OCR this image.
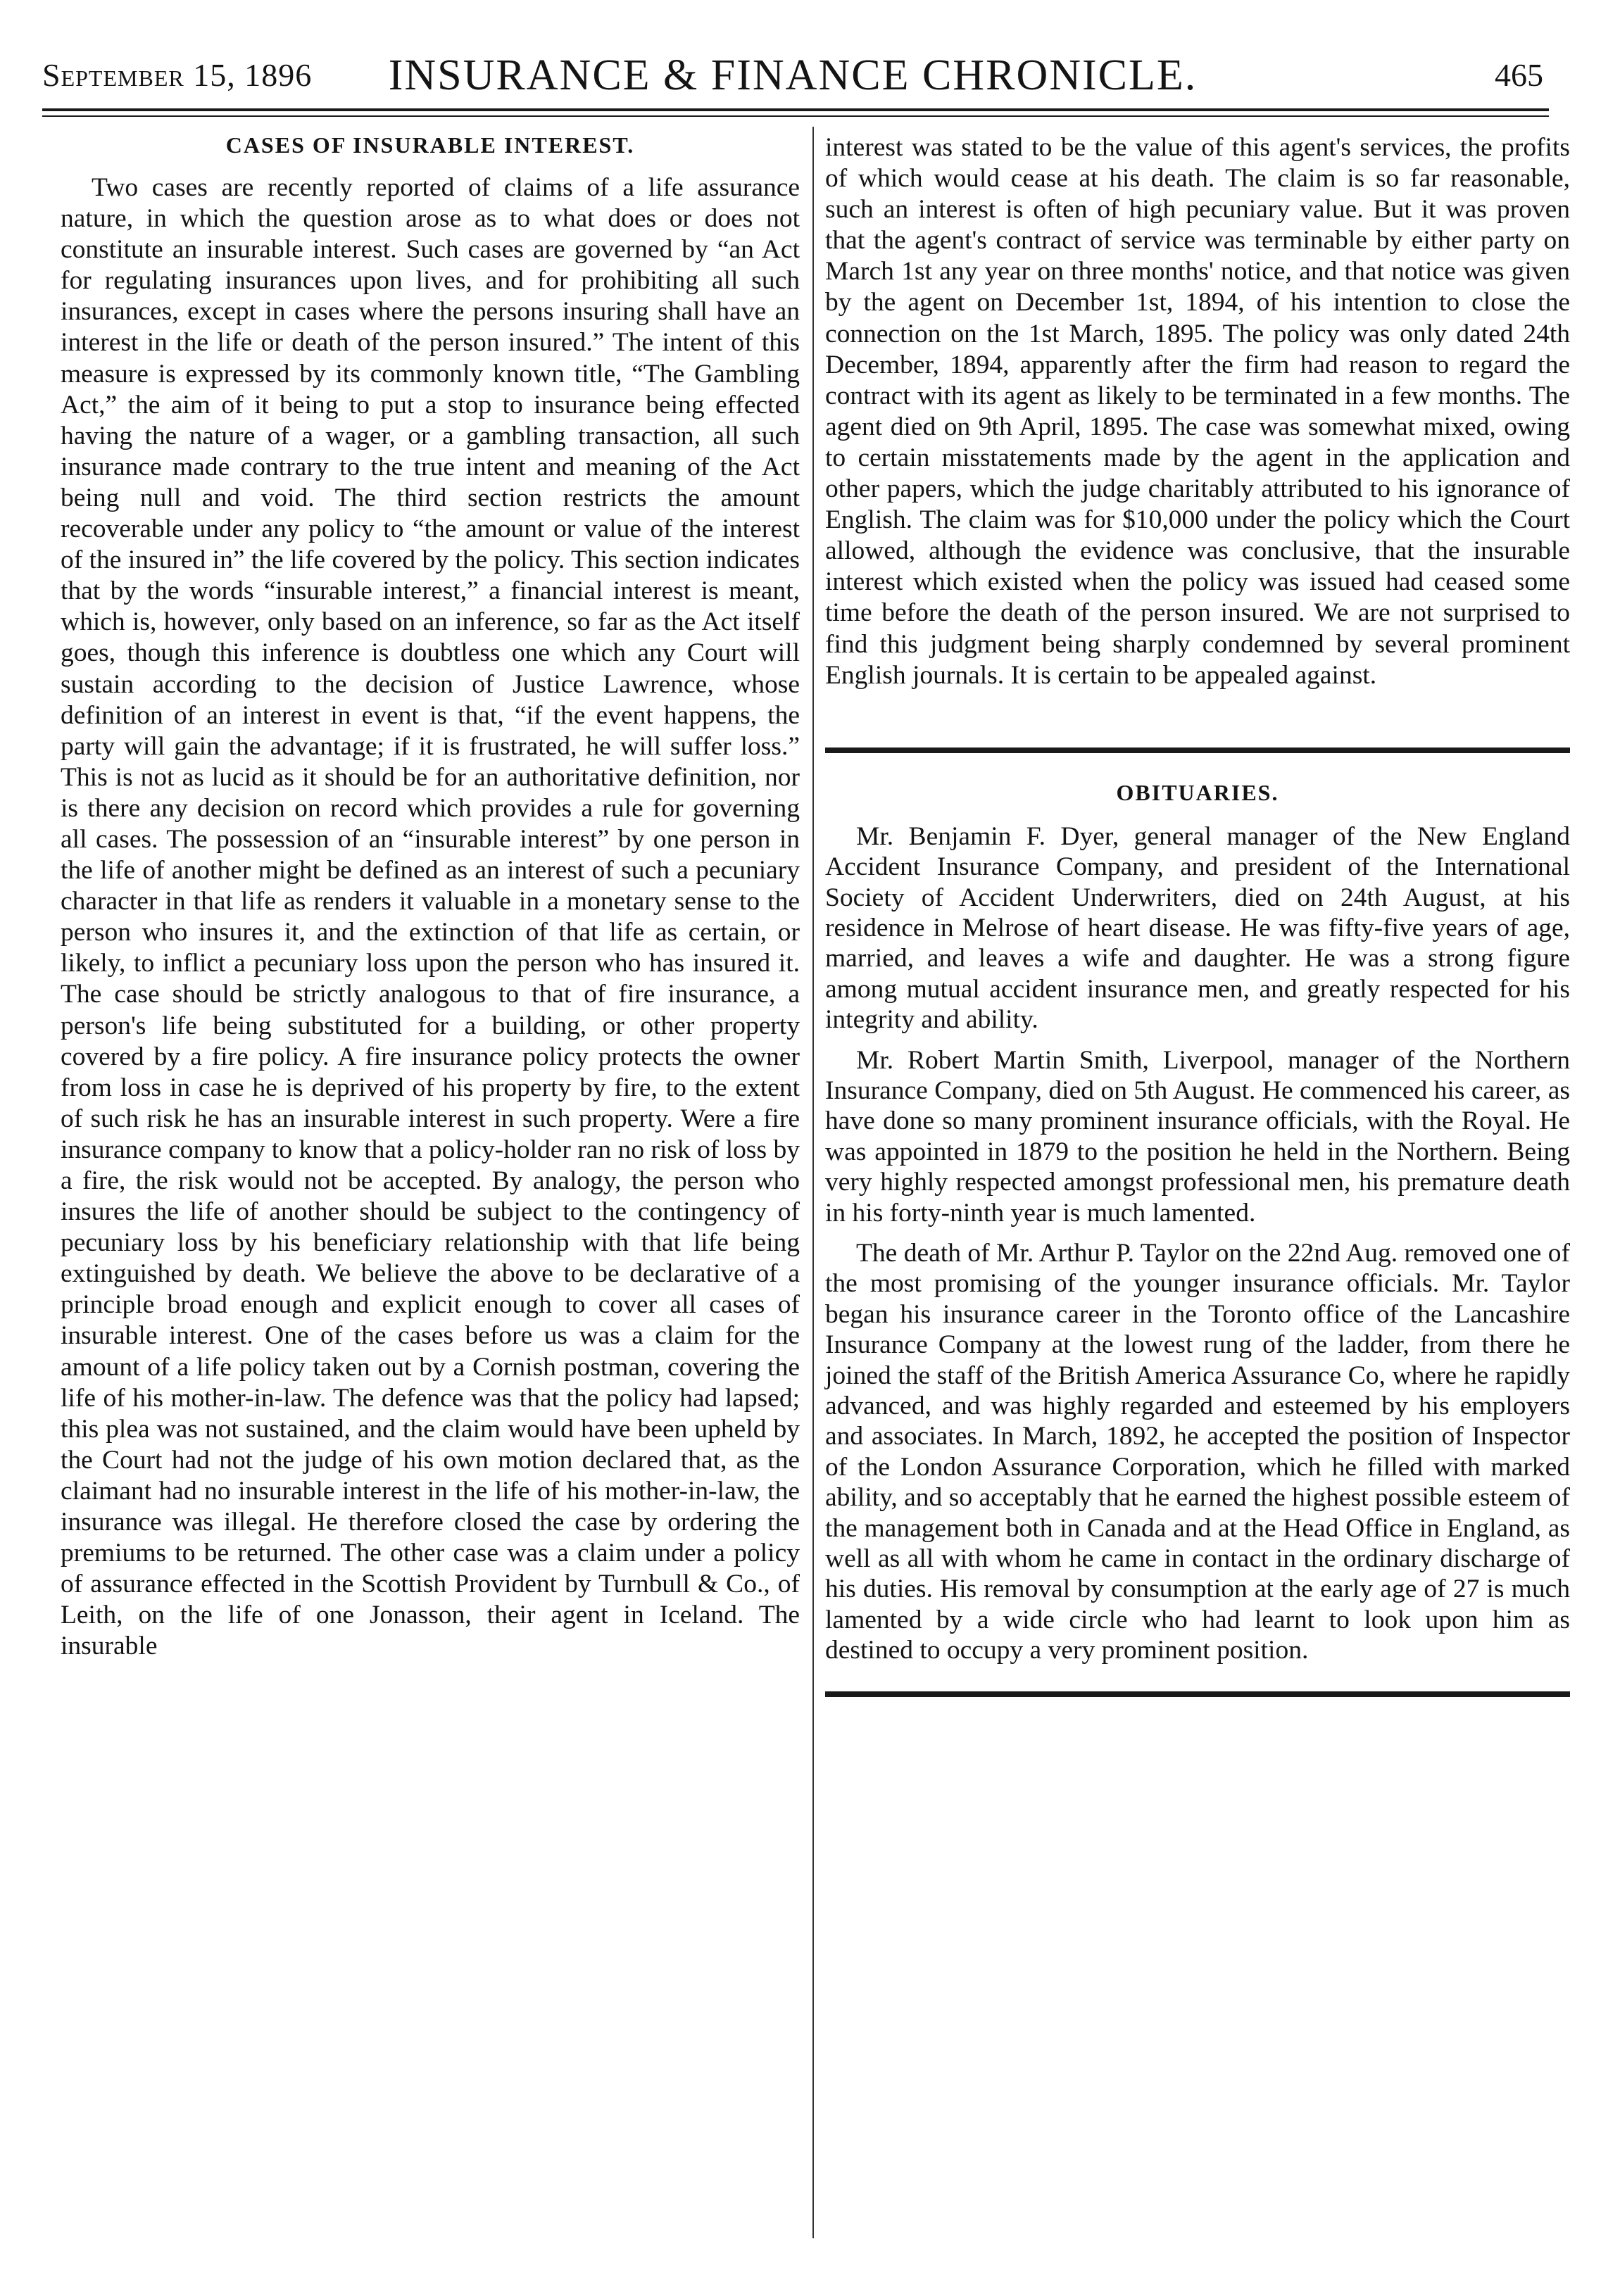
September 15, 1896	INSURANCE & FINANCE CHRONICLE.	465
CASES OF INSURABLE INTEREST.

Two cases are recently reported of claims of a life assurance nature, in which the question arose as to what does or does not constitute an insurable interest. Such cases are governed by “an Act for regulating insurances upon lives, and for prohibiting all such insurances, except in cases where the persons insuring shall have an interest in the life or death of the person insured.” The intent of this measure is expressed by its commonly known title, “The Gambling Act,” the aim of it being to put a stop to insurance being effected having the nature of a wager, or a gambling transaction, all such insurance made contrary to the true intent and meaning of the Act being null and void. The third section restricts the amount recoverable under any policy to “the amount or value of the interest of the insured in” the life covered by the policy. This section indicates that by the words “insurable interest,” a financial interest is meant, which is, however, only based on an inference, so far as the Act itself goes, though this inference is doubtless one which any Court will sustain according to the decision of Justice Lawrence, whose definition of an interest in event is that, “if the event happens, the party will gain the advantage; if it is frustrated, he will suffer loss.” This is not as lucid as it should be for an authoritative definition, nor is there any decision on record which provides a rule for governing all cases. The possession of an “insurable interest” by one person in the life of another might be defined as an interest of such a pecuniary character in that life as renders it valuable in a monetary sense to the person who insures it, and the extinction of that life as certain, or likely, to inflict a pecuniary loss upon the person who has insured it. The case should be strictly analogous to that of fire insurance, a person's life being substituted for a building, or other property covered by a fire policy. A fire insurance policy protects the owner from loss in case he is deprived of his property by fire, to the extent of such risk he has an insurable interest in such property. Were a fire insurance company to know that a policy-holder ran no risk of loss by a fire, the risk would not be accepted. By analogy, the person who insures the life of another should be subject to the contingency of pecuniary loss by his beneficiary relationship with that life being extinguished by death. We believe the above to be declarative of a principle broad enough and explicit enough to cover all cases of insurable interest. One of the cases before us was a claim for the amount of a life policy taken out by a Cornish postman, covering the life of his mother-in-law. The defence was that the policy had lapsed; this plea was not sustained, and the claim would have been upheld by the Court had not the judge of his own motion declared that, as the claimant had no insurable interest in the life of his mother-in-law, the insurance was illegal. He therefore closed the case by ordering the premiums to be returned. The other case was a claim under a policy of assurance effected in the Scottish Provident by Turnbull & Co., of Leith, on the life of one Jonasson, their agent in Iceland. The insurable

interest was stated to be the value of this agent's services, the profits of which would cease at his death. The claim is so far reasonable, such an interest is often of high pecuniary value. But it was proven that the agent's contract of service was terminable by either party on March 1st any year on three months' notice, and that notice was given by the agent on December 1st, 1894, of his intention to close the connection on the 1st March, 1895. The policy was only dated 24th December, 1894, apparently after the firm had reason to regard the contract with its agent as likely to be terminated in a few months. The agent died on 9th April, 1895. The case was somewhat mixed, owing to certain misstatements made by the agent in the application and other papers, which the judge charitably attributed to his ignorance of English. The claim was for $10,000 under the policy which the Court allowed, although the evidence was conclusive, that the insurable interest which existed when the policy was issued had ceased some time before the death of the person insured. We are not surprised to find this judgment being sharply condemned by several prominent English journals. It is certain to be appealed against.

OBITUARIES.

Mr. Benjamin F. Dyer, general manager of the New England Accident Insurance Company, and president of the International Society of Accident Underwriters, died on 24th August, at his residence in Melrose of heart disease. He was fifty-five years of age, married, and leaves a wife and daughter. He was a strong figure among mutual accident insurance men, and greatly respected for his integrity and ability.

Mr. Robert Martin Smith, Liverpool, manager of the Northern Insurance Company, died on 5th August. He commenced his career, as have done so many prominent insurance officials, with the Royal. He was appointed in 1879 to the position he held in the Northern. Being very highly respected amongst professional men, his premature death in his forty-ninth year is much lamented.

The death of Mr. Arthur P. Taylor on the 22nd Aug. removed one of the most promising of the younger insurance officials. Mr. Taylor began his insurance career in the Toronto office of the Lancashire Insurance Company at the lowest rung of the ladder, from there he joined the staff of the British America Assurance Co, where he rapidly advanced, and was highly regarded and esteemed by his employers and associates. In March, 1892, he accepted the position of Inspector of the London Assurance Corporation, which he filled with marked ability, and so acceptably that he earned the highest possible esteem of the management both in Canada and at the Head Office in England, as well as all with whom he came in contact in the ordinary discharge of his duties. His removal by consumption at the early age of 27 is much lamented by a wide circle who had learnt to look upon him as destined to occupy a very prominent position.
